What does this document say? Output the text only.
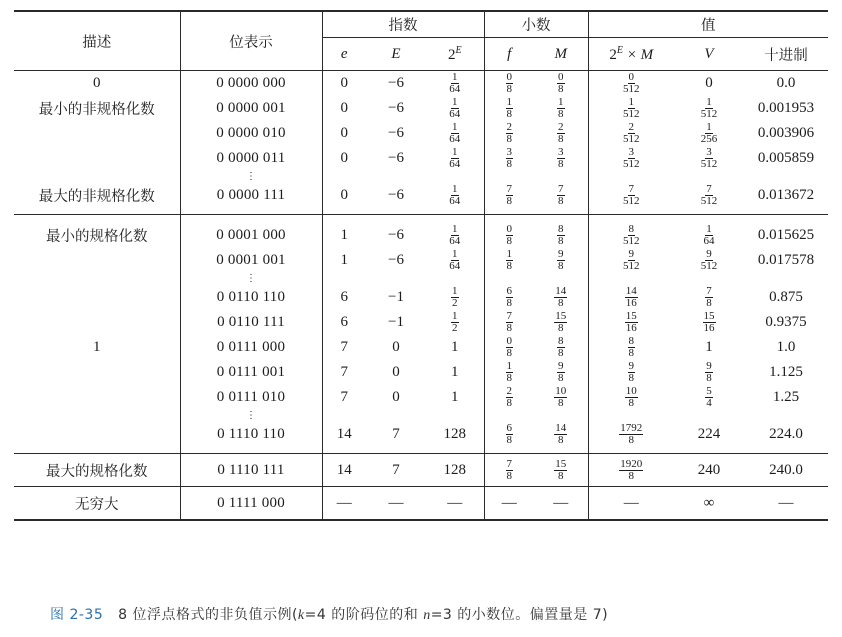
描述	位表示	指数			小数		值		
		e	E	$2^E$	f	M	$2^E \times M$	V	十进制
0	0 0000 000	0	−6	$\frac{1}{64}$	$\frac{0}{8}$	$\frac{0}{8}$	$\frac{0}{512}$	0	0.0
最小的非规格化数	0 0000 001	0	−6	$\frac{1}{64}$	$\frac{1}{8}$	$\frac{1}{8}$	$\frac{1}{512}$	$\frac{1}{512}$	0.001953
	0 0000 010	0	−6	$\frac{1}{64}$	$\frac{2}{8}$	$\frac{2}{8}$	$\frac{2}{512}$	$\frac{1}{256}$	0.003906
	0 0000 011	0	−6	$\frac{1}{64}$	$\frac{3}{8}$	$\frac{3}{8}$	$\frac{3}{512}$	$\frac{3}{512}$	0.005859
	⋮								
最大的非规格化数	0 0000 111	0	−6	$\frac{1}{64}$	$\frac{7}{8}$	$\frac{7}{8}$	$\frac{7}{512}$	$\frac{7}{512}$	0.013672
最小的规格化数	0 0001 000	1	−6	$\frac{1}{64}$	$\frac{0}{8}$	$\frac{8}{8}$	$\frac{8}{512}$	$\frac{1}{64}$	0.015625
	0 0001 001	1	−6	$\frac{1}{64}$	$\frac{1}{8}$	$\frac{9}{8}$	$\frac{9}{512}$	$\frac{9}{512}$	0.017578
	⋮								
	0 0110 110	6	−1	$\frac{1}{2}$	$\frac{6}{8}$	$\frac{14}{8}$	$\frac{14}{16}$	$\frac{7}{8}$	0.875
	0 0110 111	6	−1	$\frac{1}{2}$	$\frac{7}{8}$	$\frac{15}{8}$	$\frac{15}{16}$	$\frac{15}{16}$	0.9375
1	0 0111 000	7	0	1	$\frac{0}{8}$	$\frac{8}{8}$	$\frac{8}{8}$	1	1.0
	0 0111 001	7	0	1	$\frac{1}{8}$	$\frac{9}{8}$	$\frac{9}{8}$	$\frac{9}{8}$	1.125
	0 0111 010	7	0	1	$\frac{2}{8}$	$\frac{10}{8}$	$\frac{10}{8}$	$\frac{5}{4}$	1.25
	⋮								
	0 1110 110	14	7	128	$\frac{6}{8}$	$\frac{14}{8}$	$\frac{1792}{8}$	224	224.0
最大的规格化数	0 1110 111	14	7	128	$\frac{7}{8}$	$\frac{15}{8}$	$\frac{1920}{8}$	240	240.0
无穷大	0 1111 000	—	—	—	—	—	—	∞	—
图 2-35 8 位浮点格式的非负值示例(k=4 的阶码位的和 n=3 的小数位。偏置量是 7)
